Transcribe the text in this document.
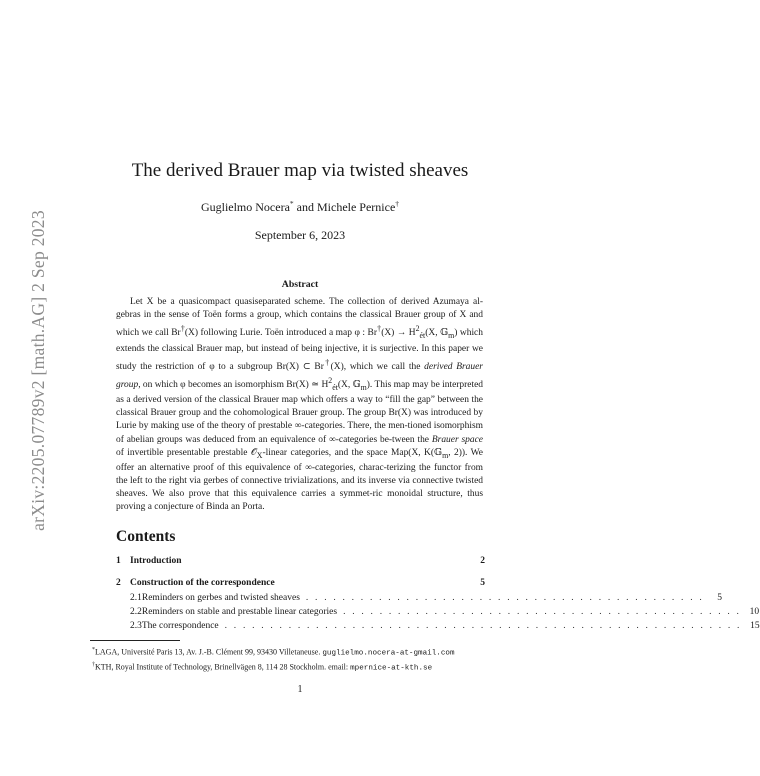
arXiv:2205.07789v2 [math.AG] 2 Sep 2023
The derived Brauer map via twisted sheaves
Guglielmo Nocera* and Michele Pernice†
September 6, 2023
Abstract

Let X be a quasicompact quasiseparated scheme. The collection of derived Azumaya al-gebras in the sense of Toën forms a group, which contains the classical Brauer group of X and which we call Br†(X) following Lurie. Toën introduced a map φ : $Br^\dagger(X) \to H^2_{ét}(X$, 𝔾$_m$) which extends the classical Brauer map, but instead of being injective, it is surjective. In this paper we study the restriction of φ to a subgroup Br(X) ⊂ Br†(X), which we call the derived Brauer group, on which φ becomes an isomorphism Br(X) ≃ $H^2_{ét}(X$, 𝔾$_m$). This map may be interpreted as a derived version of the classical Brauer map which offers a way to “fill the gap” between the classical Brauer group and the cohomological Brauer group. The group Br(X) was introduced by Lurie by making use of the theory of prestable ∞-categories. There, the men-tioned isomorphism of abelian groups was deduced from an equivalence of ∞-categories be-tween the Brauer space of invertible presentable prestable 𝒪$_X$-linear categories, and the space Map(X, K(𝔾$_m$, 2)). We offer an alternative proof of this equivalence of ∞-categories, charac-terizing the functor from the left to the right via gerbes of connective trivializations, and its inverse via connective twisted sheaves. We also prove that this equivalence carries a symmet-ric monoidal structure, thus proving a conjecture of Binda an Porta.

Contents
1 Introduction	2
2 Construction of the correspondence	5
2.1 Reminders on gerbes and twisted sheaves . . . . . . . . . . . . . . . . . . . . . . . . . . . . . . . . . . . . . . . . . . . .	5
2.2 Reminders on stable and prestable linear categories . . . . . . . . . . . . . . . . . . . . . . . . . . . . . . . . . . . . . . . . . . . . 10
2.3 The correspondence . . . . . . . . . . . . . . . . . . . . . . . . . . . . . . . . . . . . . . . . . . . . . . . . . . . . . . . . . 15
*LAGA, Université Paris 13, Av. J.-B. Clément 99, 93430 Villetaneuse. guglielmo.nocera-at-gmail.com
†KTH, Royal Institute of Technology, Brinellvägen 8, 114 28 Stockholm. email: mpernice-at-kth.se
1
